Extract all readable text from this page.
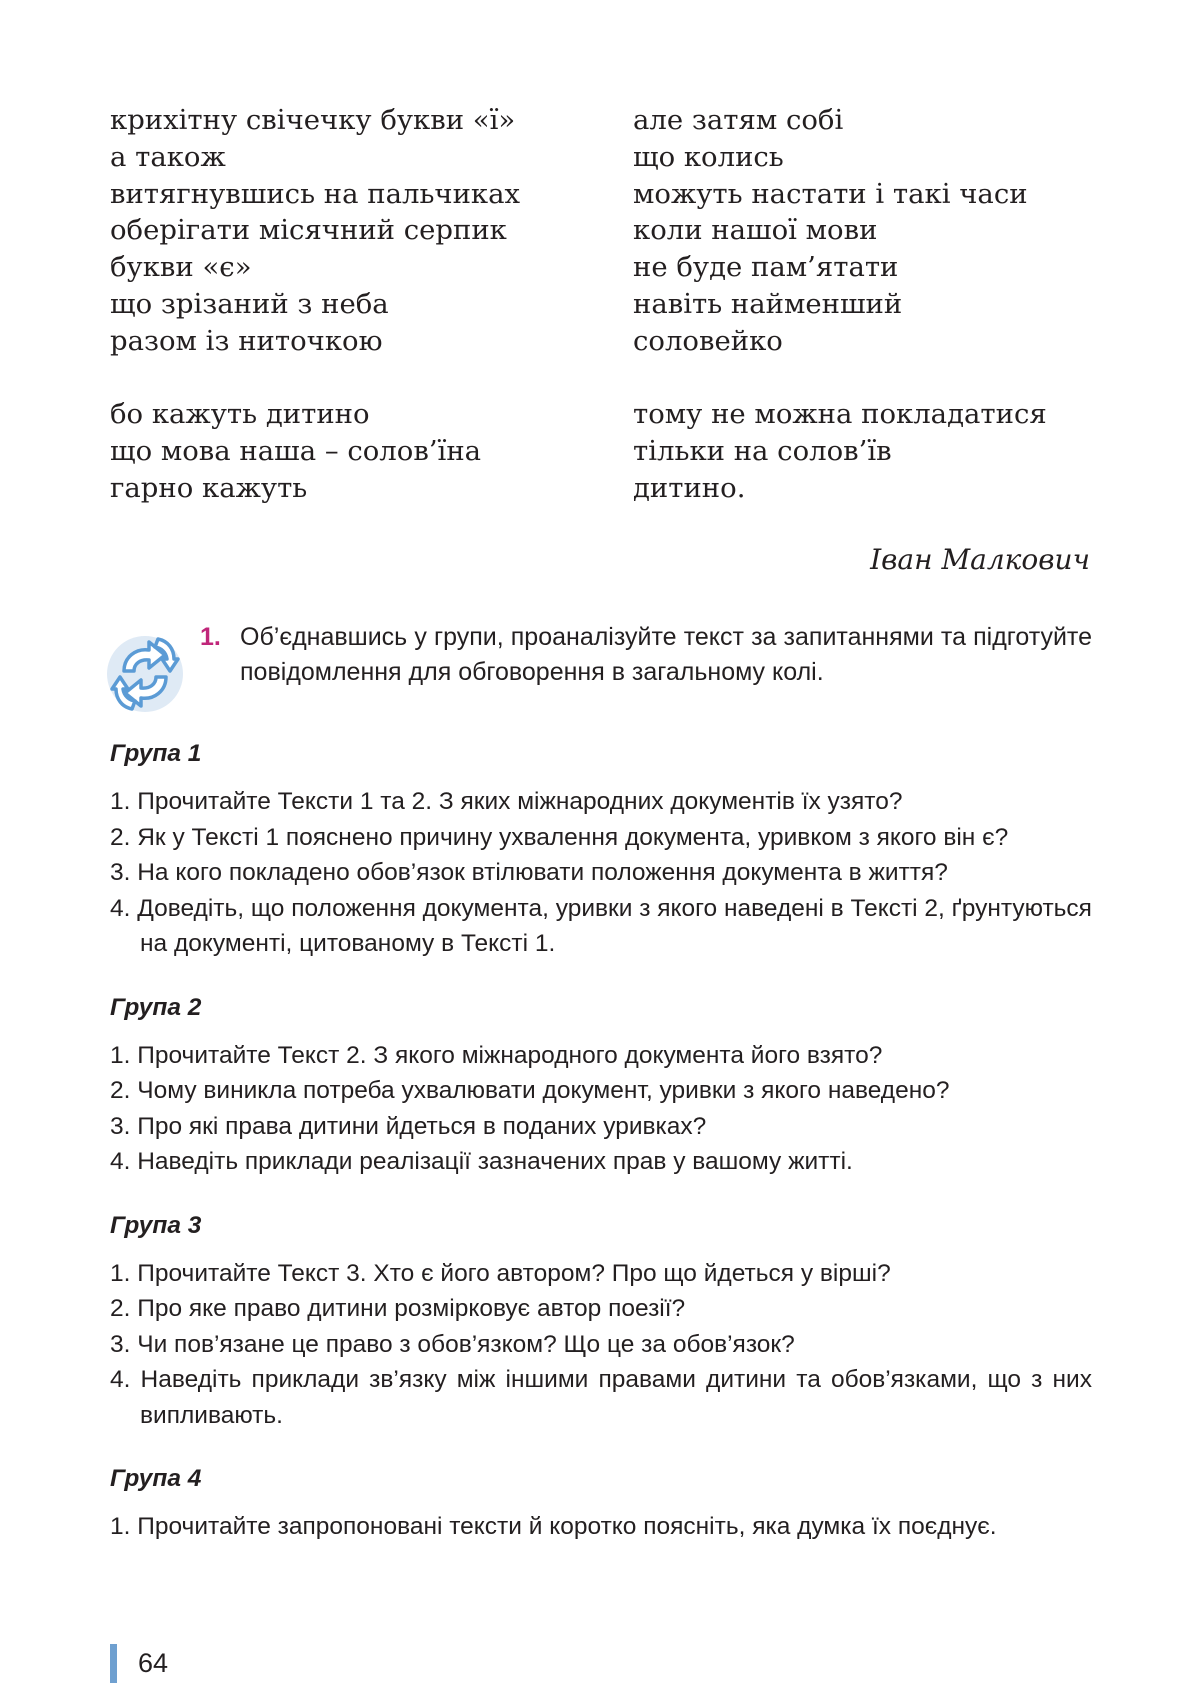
крихітну свічечку букви «ї»
а також
витягнувшись на пальчиках
оберігати місячний серпик
букви «є»
що зрізаний з неба
разом із ниточкою
бо кажуть дитино
що мова наша – солов’їна
гарно кажуть
але затям собі
що колись
можуть настати і такі часи
коли нашої мови
не буде пам’ятати
навіть найменший
соловейко
тому не можна покладатися
тільки на солов’їв
дитино.
Іван Малкович
1. Об’єднавшись у групи, проаналізуйте текст за запитаннями та підготуйте повідомлення для обговорення в загальному колі.
Група 1
1. Прочитайте Тексти 1 та 2. З яких міжнародних документів їх узято?
2. Як у Тексті 1 пояснено причину ухвалення документа, уривком з якого він є?
3. На кого покладено обов’язок втілювати положення документа в життя?
4. Доведіть, що положення документа, уривки з якого наведені в Тексті 2, ґрунтуються на документі, цитованому в Тексті 1.
Група 2
1. Прочитайте Текст 2. З якого міжнародного документа його взято?
2. Чому виникла потреба ухвалювати документ, уривки з якого наведено?
3. Про які права дитини йдеться в поданих уривках?
4. Наведіть приклади реалізації зазначених прав у вашому житті.
Група 3
1. Прочитайте Текст 3. Хто є його автором? Про що йдеться у вірші?
2. Про яке право дитини розмірковує автор поезії?
3. Чи пов’язане це право з обов’язком? Що це за обов’язок?
4. Наведіть приклади зв’язку між іншими правами дитини та обов’язками, що з них випливають.
Група 4
1. Прочитайте запропоновані тексти й коротко поясніть, яка думка їх поєднує.
64
